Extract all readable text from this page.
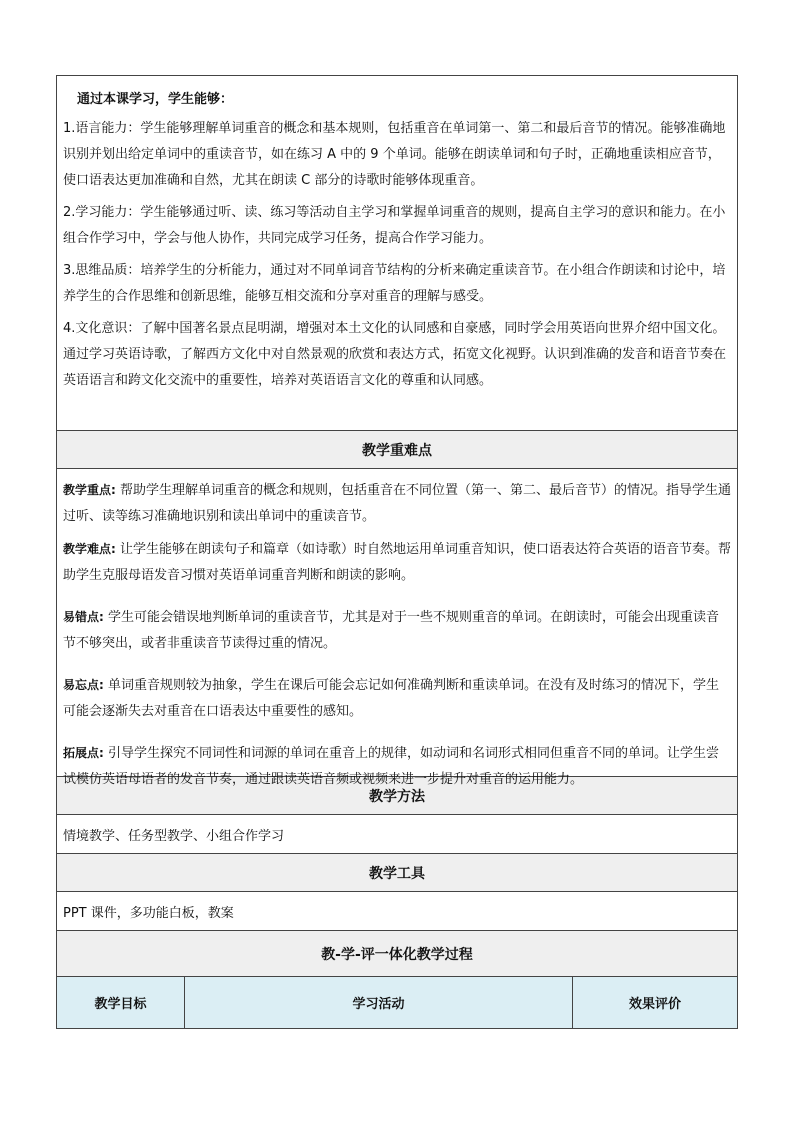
通过本课学习，学生能够：

1.语言能力：学生能够理解单词重音的概念和基本规则，包括重音在单词第一、第二和最后音节的情况。能够准确地识别并划出给定单词中的重读音节，如在练习 A 中的 9 个单词。能够在朗读单词和句子时，正确地重读相应音节，使口语表达更加准确和自然，尤其在朗读 C 部分的诗歌时能够体现重音。

2.学习能力：学生能够通过听、读、练习等活动自主学习和掌握单词重音的规则，提高自主学习的意识和能力。在小组合作学习中，学会与他人协作，共同完成学习任务，提高合作学习能力。

3.思维品质：培养学生的分析能力，通过对不同单词音节结构的分析来确定重读音节。在小组合作朗读和讨论中，培养学生的合作思维和创新思维，能够互相交流和分享对重音的理解与感受。

4.文化意识：了解中国著名景点昆明湖，增强对本土文化的认同感和自豪感，同时学会用英语向世界介绍中国文化。通过学习英语诗歌，了解西方文化中对自然景观的欣赏和表达方式，拓宽文化视野。认识到准确的发音和语音节奏在英语语言和跨文化交流中的重要性，培养对英语语言文化的尊重和认同感。

教学重难点

教学重点: 帮助学生理解单词重音的概念和规则，包括重音在不同位置（第一、第二、最后音节）的情况。指导学生通过听、读等练习准确地识别和读出单词中的重读音节。

教学难点: 让学生能够在朗读句子和篇章（如诗歌）时自然地运用单词重音知识，使口语表达符合英语的语音节奏。帮助学生克服母语发音习惯对英语单词重音判断和朗读的影响。

易错点: 学生可能会错误地判断单词的重读音节，尤其是对于一些不规则重音的单词。在朗读时，可能会出现重读音节不够突出，或者非重读音节读得过重的情况。

易忘点: 单词重音规则较为抽象，学生在课后可能会忘记如何准确判断和重读单词。在没有及时练习的情况下，学生可能会逐渐失去对重音在口语表达中重要性的感知。

拓展点: 引导学生探究不同词性和词源的单词在重音上的规律，如动词和名词形式相同但重音不同的单词。让学生尝试模仿英语母语者的发音节奏，通过跟读英语音频或视频来进一步提升对重音的运用能力。

教学方法
情境教学、任务型教学、小组合作学习
教学工具
PPT 课件，多功能白板，教案
教-学-评一体化教学过程
教学目标	学习活动	效果评价
